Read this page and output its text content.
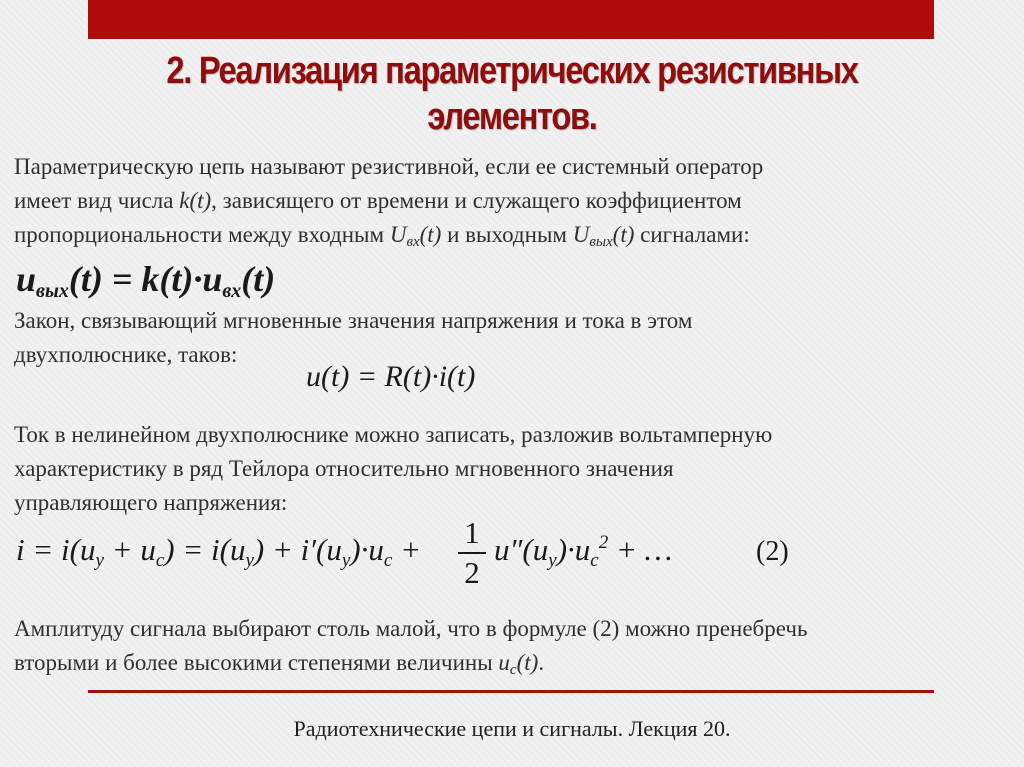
2. Реализация параметрических резистивных
элементов.
Параметрическую цепь называют резистивной, если ее системный оператор
имеет вид числа k(t), зависящего от времени и служащего коэффициентом
пропорциональности между входным $U_{вх}(t)$ и выходным $U_{вых}(t)$ сигналами:
$u_{вых}(t) = k(t)\cdot u_{вх}(t)$
Закон, связывающий мгновенные значения напряжения и тока в этом
двухполюснике, таков:
u(t) = R(t)·i(t)
Ток в нелинейном двухполюснике можно записать, разложив вольтамперную
характеристику в ряд Тейлора относительно мгновенного значения
управляющего напряжения:
$i = i(u_y + u_c) = i(u_y) + i'(u_y)\cdot u_c + 1$
2
$u''(u_y)\cdot u_c^2$ + …	(2)
Амплитуду сигнала выбирают столь малой, что в формуле (2) можно пренебречь
вторыми и более высокими степенями величины $u_c(t)$.
Радиотехнические цепи и сигналы. Лекция 20.
